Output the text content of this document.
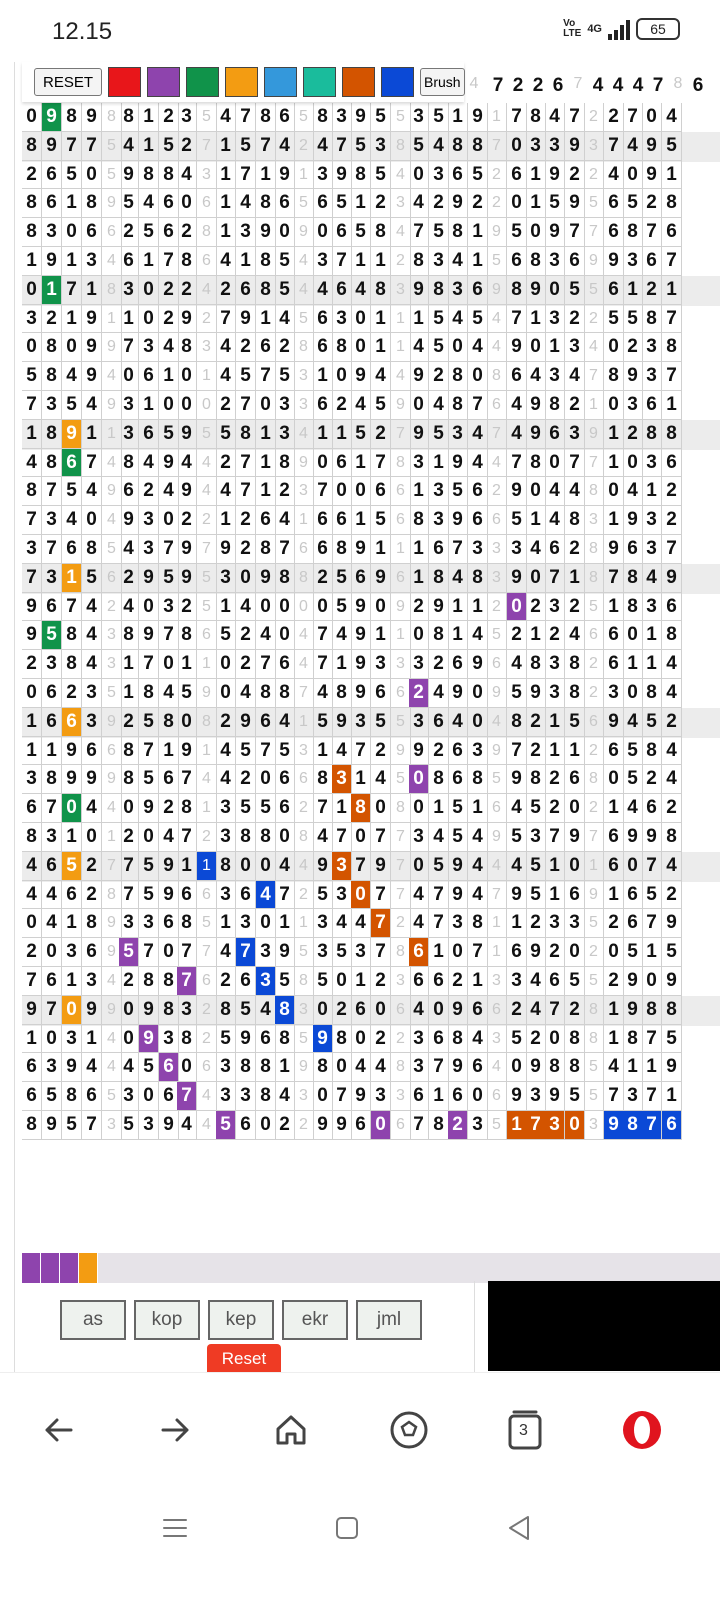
12.15	Vo
LTE 4G	65
0 9 8 9 8 8 1 2 3 5 4 7 8 6 5 8 3 9 5 5 3 5 1 9 1 7 8 4 7 2 2 7 0 4
8 9 7 7 5 4 1 5 2 7 1 5 7 4 2 4 7 5 3 8 5 4 8 8 7 0 3 3 9 3 7 4 9 5
2 6 5 0 5 9 8 8 4 3 1 7 1 9 1 3 9 8 5 4 0 3 6 5 2 6 1 9 2 2 4 0 9 1
8 6 1 8 9 5 4 6 0 6 1 4 8 6 5 6 5 1 2 3 4 2 9 2 2 0 1 5 9 5 6 5 2 8
8 3 0 6 6 2 5 6 2 8 1 3 9 0 9 0 6 5 8 4 7 5 8 1 9 5 0 9 7 7 6 8 7 6
1 9 1 3 4 6 1 7 8 6 4 1 8 5 4 3 7 1 1 2 8 3 4 1 5 6 8 3 6 9 9 3 6 7
0 1 7 1 8 3 0 2 2 4 2 6 8 5 4 4 6 4 8 3 9 8 3 6 9 8 9 0 5 5 6 1 2 1
3 2 1 9 1 1 0 2 9 2 7 9 1 4 5 6 3 0 1 1 1 5 4 5 4 7 1 3 2 2 5 5 8 7
0 8 0 9 9 7 3 4 8 3 4 2 6 2 8 6 8 0 1 1 4 5 0 4 4 9 0 1 3 4 0 2 3 8
5 8 4 9 4 0 6 1 0 1 4 5 7 5 3 1 0 9 4 4 9 2 8 0 8 6 4 3 4 7 8 9 3 7
7 3 5 4 9 3 1 0 0 0 2 7 0 3 3 6 2 4 5 9 0 4 8 7 6 4 9 8 2 1 0 3 6 1
1 8 9 1 1 3 6 5 9 5 5 8 1 3 4 1 1 5 2 7 9 5 3 4 7 4 9 6 3 9 1 2 8 8
4 8 6 7 4 8 4 9 4 4 2 7 1 8 9 0 6 1 7 8 3 1 9 4 4 7 8 0 7 7 1 0 3 6
8 7 5 4 9 6 2 4 9 4 4 7 1 2 3 7 0 0 6 6 1 3 5 6 2 9 0 4 4 8 0 4 1 2
7 3 4 0 4 9 3 0 2 2 1 2 6 4 1 6 6 1 5 6 8 3 9 6 6 5 1 4 8 3 1 9 3 2
3 7 6 8 5 4 3 7 9 7 9 2 8 7 6 6 8 9 1 1 1 6 7 3 3 3 4 6 2 8 9 6 3 7
7 3 1 5 6 2 9 5 9 5 3 0 9 8 8 2 5 6 9 6 1 8 4 8 3 9 0 7 1 8 7 8 4 9
9 6 7 4 2 4 0 3 2 5 1 4 0 0 0 0 5 9 0 9 2 9 1 1 2 0 2 3 2 5 1 8 3 6
9 5 8 4 3 8 9 7 8 6 5 2 4 0 4 7 4 9 1 1 0 8 1 4 5 2 1 2 4 6 6 0 1 8
2 3 8 4 3 1 7 0 1 1 0 2 7 6 4 7 1 9 3 3 3 2 6 9 6 4 8 3 8 2 6 1 1 4
0 6 2 3 5 1 8 4 5 9 0 4 8 8 7 4 8 9 6 6 2 4 9 0 9 5 9 3 8 2 3 0 8 4
1 6 6 3 9 2 5 8 0 8 2 9 6 4 1 5 9 3 5 5 3 6 4 0 4 8 2 1 5 6 9 4 5 2
1 1 9 6 6 8 7 1 9 1 4 5 7 5 3 1 4 7 2 9 9 2 6 3 9 7 2 1 1 2 6 5 8 4
3 8 9 9 9 8 5 6 7 4 4 2 0 6 6 8 3 1 4 5 0 8 6 8 5 9 8 2 6 8 0 5 2 4
6 7 0 4 4 0 9 2 8 1 3 5 5 6 2 7 1 8 0 8 0 1 5 1 6 4 5 2 0 2 1 4 6 2
8 3 1 0 1 2 0 4 7 2 3 8 8 0 8 4 7 0 7 7 3 4 5 4 9 5 3 7 9 7 6 9 9 8
4 6 5 2 7 7 5 9 1 1 8 0 0 4 4 9 3 7 9 7 0 5 9 4 4 4 5 1 0 1 6 0 7 4
4 4 6 2 8 7 5 9 6 6 3 6 4 7 2 5 3 0 7 7 4 7 9 4 7 9 5 1 6 9 1 6 5 2
0 4 1 8 9 3 3 6 8 5 1 3 0 1 1 3 4 4 7 2 4 7 3 8 1 1 2 3 3 5 2 6 7 9
2 0 3 6 9 5 7 0 7 7 4 7 3 9 5 3 5 3 7 8 6 1 0 7 1 6 9 2 0 2 0 5 1 5
7 6 1 3 4 2 8 8 7 6 2 6 3 5 8 5 0 1 2 3 6 6 2 1 3 3 4 6 5 5 2 9 0 9
9 7 0 9 9 0 9 8 3 2 8 5 4 8 3 0 2 6 0 6 4 0 9 6 6 2 4 7 2 8 1 9 8 8
1 0 3 1 4 0 9 3 8 2 5 9 6 8 5 9 8 0 2 2 3 6 8 4 3 5 2 0 8 8 1 8 7 5
6 3 9 4 4 4 5 6 0 6 3 8 8 1 9 8 0 4 4 8 3 7 9 6 4 0 9 8 8 5 4 1 1 9
6 5 8 6 5 3 0 6 7 4 3 3 8 4 3 0 7 9 3 3 6 1 6 0 6 9 3 9 5 5 7 3 7 1
8 9 5 7 3 5 3 9 4 4 5 6 0 2 2 9 9 6 0 6 7 8 2 3 5 1 7 3 0 3 9 8 7 6
4 7 2 2 6 7 4 4 4 7 8 6
RESET	Brush
as	kop	kep	ekr	jml
Reset
3
